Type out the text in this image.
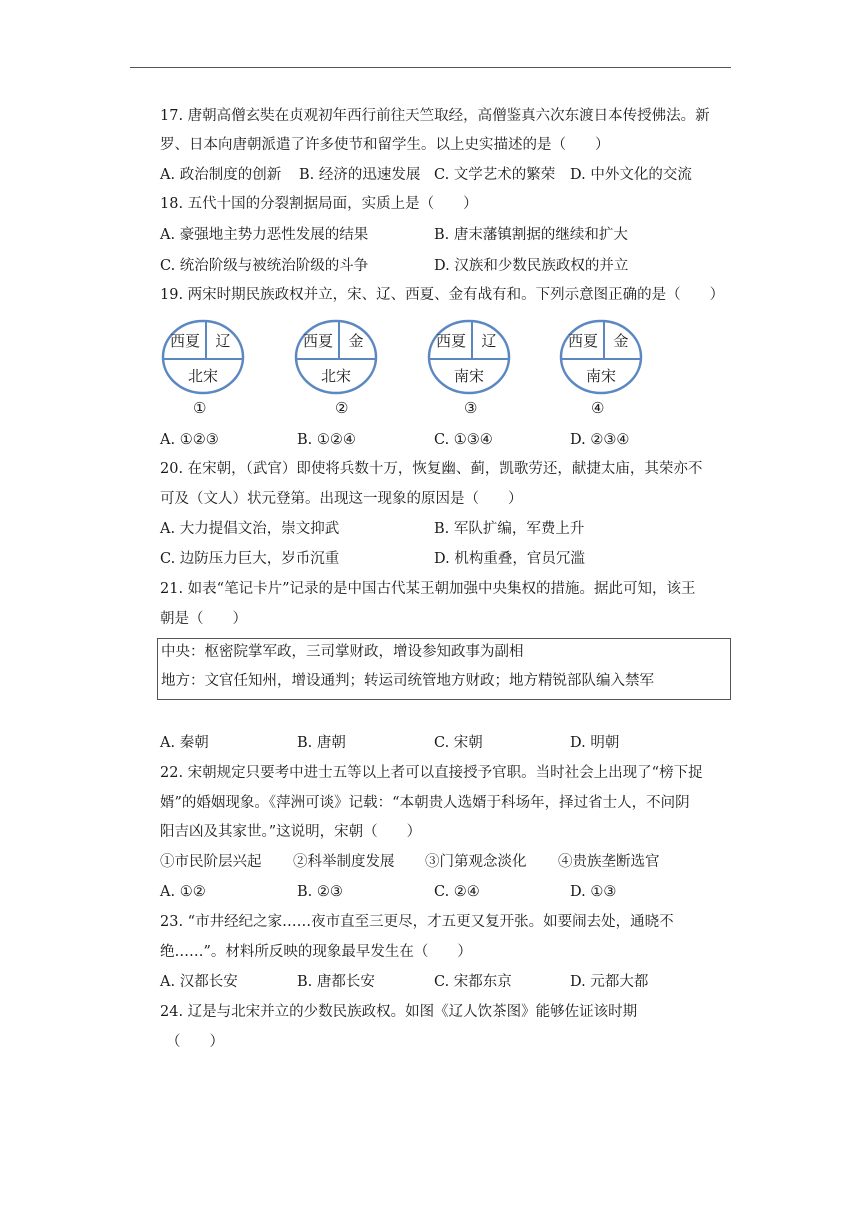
17. 唐朝高僧玄奘在贞观初年西行前往天竺取经，高僧鉴真六次东渡日本传授佛法。新
罗、日本向唐朝派遣了许多使节和留学生。以上史实描述的是（　　）
A. 政治制度的创新 B. 经济的迅速发展 C. 文学艺术的繁荣 D. 中外文化的交流
18. 五代十国的分裂割据局面，实质上是（　　）
A. 豪强地主势力恶性发展的结果	B. 唐末藩镇割据的继续和扩大
C. 统治阶级与被统治阶级的斗争	D. 汉族和少数民族政权的并立
19. 两宋时期民族政权并立，宋、辽、西夏、金有战有和。下列示意图正确的是（　　）
西夏 辽
北宋
西夏 金
北宋
西夏 辽
南宋
西夏 金
南宋
①	②	③	④
A. ①②③	B. ①②④	C. ①③④	D. ②③④
20. 在宋朝，（武官）即使将兵数十万，恢复幽、蓟，凯歌劳还，献捷太庙，其荣亦不
可及（文人）状元登第。出现这一现象的原因是（　　）
A. 大力提倡文治，崇文抑武	B. 军队扩编，军费上升
C. 边防压力巨大，岁币沉重	D. 机构重叠，官员冗滥
21. 如表“笔记卡片”记录的是中国古代某王朝加强中央集权的措施。据此可知，该王
朝是（　　）
中央：枢密院掌军政，三司掌财政，增设参知政事为副相
地方：文官任知州，增设通判；转运司统管地方财政；地方精锐部队编入禁军
A. 秦朝	B. 唐朝	C. 宋朝	D. 明朝
22. 宋朝规定只要考中进士五等以上者可以直接授予官职。当时社会上出现了“榜下捉
婿”的婚姻现象。《萍洲可谈》记载：“本朝贵人选婿于科场年，择过省士人，不问阴
阳吉凶及其家世。”这说明，宋朝（　　）
①市民阶层兴起 ②科举制度发展 ③门第观念淡化 ④贵族垄断选官
A. ①②	B. ②③	C. ②④	D. ①③
23. “市井经纪之家……夜市直至三更尽，才五更又复开张。如要闹去处，通晓不
绝……”。材料所反映的现象最早发生在（　　）
A. 汉都长安	B. 唐都长安	C. 宋都东京	D. 元都大都
24. 辽是与北宋并立的少数民族政权。如图《辽人饮茶图》能够佐证该时期
（　　）
